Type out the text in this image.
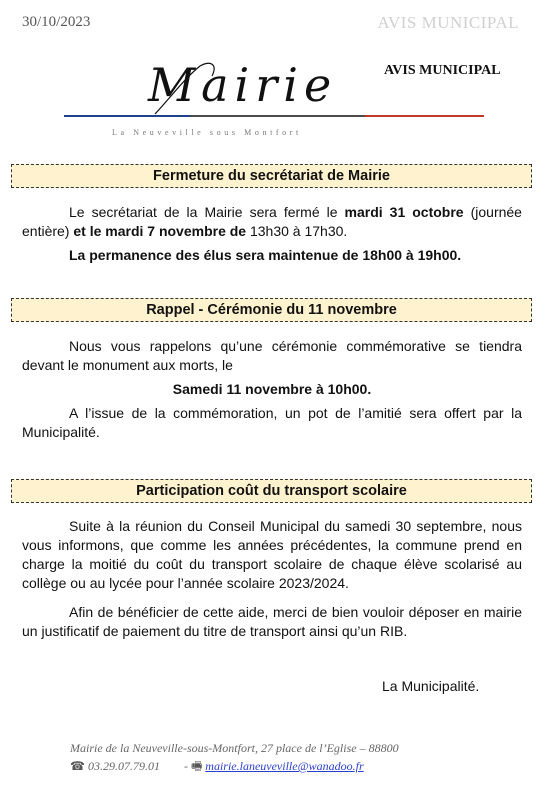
30/10/2023	AVIS MUNICIPAL
AVIS MUNICIPAL
Mairie
La Neuveville sous Montfort
Fermeture du secrétariat de Mairie
Le secrétariat de la Mairie sera fermé le mardi 31 octobre (journée entière) et le mardi 7 novembre de 13h30 à 17h30.
La permanence des élus sera maintenue de 18h00 à 19h00.
Rappel - Cérémonie du 11 novembre
Nous vous rappelons qu’une cérémonie commémorative se tiendra devant le monument aux morts, le
Samedi 11 novembre à 10h00.
A l’issue de la commémoration, un pot de l’amitié sera offert par la Municipalité.
Participation coût du transport scolaire
Suite à la réunion du Conseil Municipal du samedi 30 septembre, nous vous informons, que comme les années précédentes, la commune prend en charge la moitié du coût du transport scolaire de chaque élève scolarisé au collège ou au lycée pour l’année scolaire 2023/2024.
Afin de bénéficier de cette aide, merci de bien vouloir déposer en mairie un justificatif de paiement du titre de transport ainsi qu’un RIB.
La Municipalité.
Mairie de la Neuveville-sous-Montfort, 27 place de l’Eglise – 88800
☎ 03.29.07.79.01 - 🖷 mairie.laneuveville@wanadoo.fr
